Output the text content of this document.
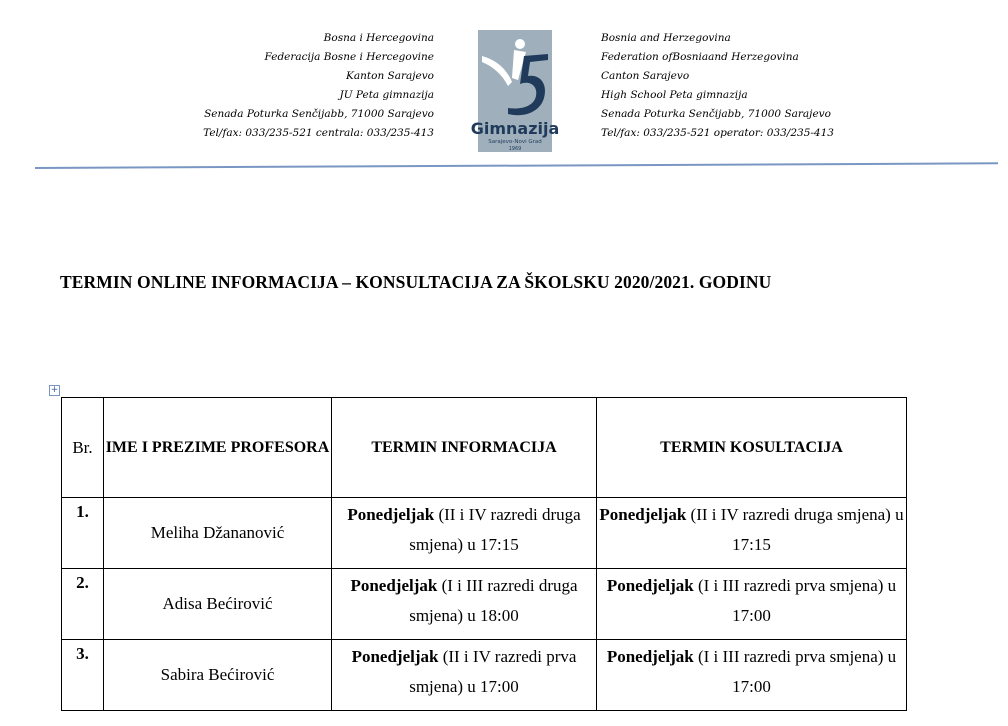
Bosna i Hercegovina
Federacija Bosne i Hercegovine
Kanton Sarajevo
JU Peta gimnazija
Senada Poturka Senčijabb, 71000 Sarajevo
Tel/fax: 033/235-521 centrala: 033/235-413 Gimnazija
Sarajevo-Novi Grad
1969
Bosnia and Herzegovina
Federation ofBosniaand Herzegovina
Canton Sarajevo
High School Peta gimnazija
Senada Poturka Senčijabb, 71000 Sarajevo
Tel/fax: 033/235-521 operator: 033/235-413
TERMIN ONLINE INFORMACIJA – KONSULTACIJA ZA ŠKOLSKU 2020/2021. GODINU
+
Br.	IME I PREZIME PROFESORA	TERMIN INFORMACIJA	TERMIN KOSULTACIJA
1.	Meliha Džananović	Ponedjeljak (II i IV razredi druga smjena) u 17:15	Ponedjeljak (II i IV razredi druga smjena) u 17:15
2.	Adisa Bećirović	Ponedjeljak (I i III razredi druga smjena) u 18:00	Ponedjeljak (I i III razredi prva smjena) u 17:00
3.	Sabira Bećirović	Ponedjeljak (II i IV razredi prva smjena) u 17:00	Ponedjeljak (I i III razredi prva smjena) u 17:00
